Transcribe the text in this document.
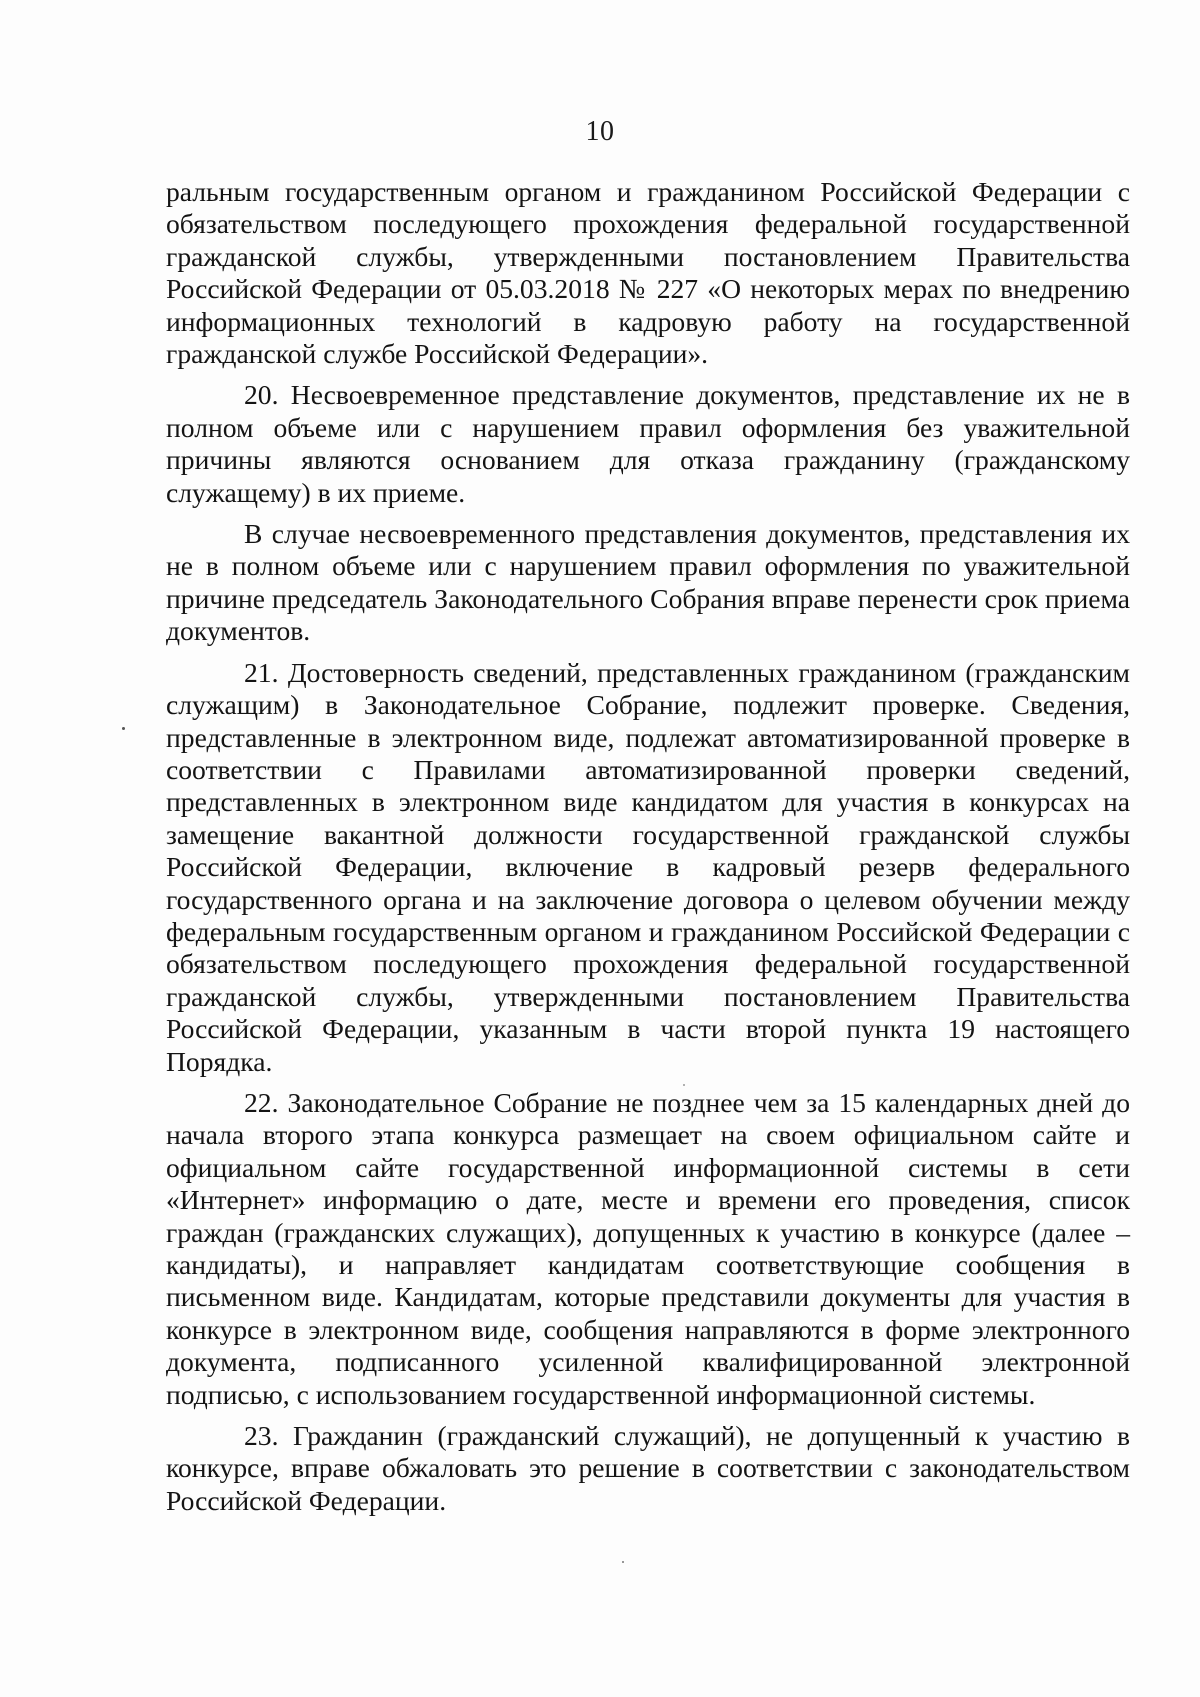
10

ральным государственным органом и гражданином Российской Федерации с обязательством последующего прохождения федеральной государственной гражданской службы, утвержденными постановлением Правительства Российской Федерации от 05.03.2018 № 227 «О некоторых мерах по внедрению информационных технологий в кадровую работу на государственной гражданской службе Российской Федерации».

20. Несвоевременное представление документов, представление их не в полном объеме или с нарушением правил оформления без уважительной причины являются основанием для отказа гражданину (гражданскому служащему) в их приеме.

В случае несвоевременного представления документов, представления их не в полном объеме или с нарушением правил оформления по уважительной причине председатель Законодательного Собрания вправе перенести срок приема документов.

21. Достоверность сведений, представленных гражданином (гражданским служащим) в Законодательное Собрание, подлежит проверке. Сведения, представленные в электронном виде, подлежат автоматизированной проверке в соответствии с Правилами автоматизированной проверки сведений, представленных в электронном виде кандидатом для участия в конкурсах на замещение вакантной должности государственной гражданской службы Российской Федерации, включение в кадровый резерв федерального государственного органа и на заключение договора о целевом обучении между федеральным государственным органом и гражданином Российской Федерации с обязательством последующего прохождения федеральной государственной гражданской службы, утвержденными постановлением Правительства Российской Федерации, указанным в части второй пункта 19 настоящего Порядка.

22. Законодательное Собрание не позднее чем за 15 календарных дней до начала второго этапа конкурса размещает на своем официальном сайте и официальном сайте государственной информационной системы в сети «Интернет» информацию о дате, месте и времени его проведения, список граждан (гражданских служащих), допущенных к участию в конкурсе (далее – кандидаты), и направляет кандидатам соответствующие сообщения в письменном виде. Кандидатам, которые представили документы для участия в конкурсе в электронном виде, сообщения направляются в форме электронного документа, подписанного усиленной квалифицированной электронной подписью, с использованием государственной информационной системы.

23. Гражданин (гражданский служащий), не допущенный к участию в конкурсе, вправе обжаловать это решение в соответствии с законодательством Российской Федерации.
